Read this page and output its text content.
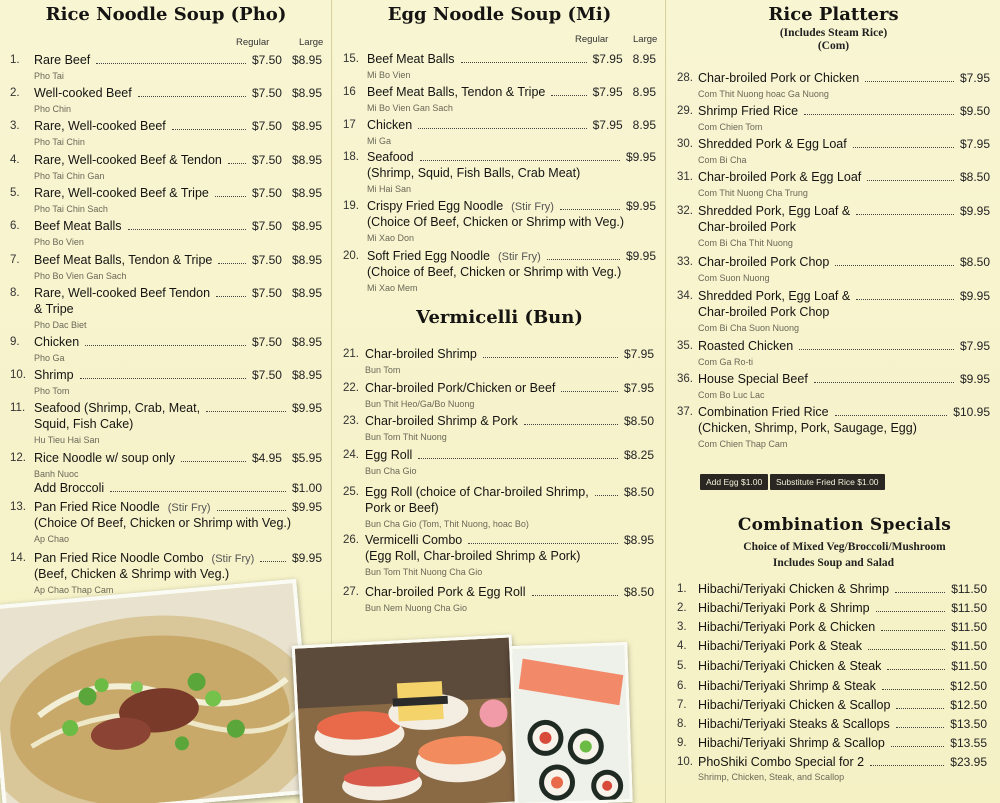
Rice Noodle Soup (Pho)
Regular	Large
Egg Noodle Soup (Mi)
Regular	Large
Vermicelli (Bun)
Rice Platters
(Includes Steam Rice)
(Com)
Add Egg $1.00	Substitute Fried Rice $1.00
Combination Specials
Choice of Mixed Veg/Broccoli/Mushroom
Includes Soup and Salad
1.	Rare Beef	$7.50 $8.95
Pho Tai
2.	Well-cooked Beef	$7.50 $8.95
Pho Chin
3.	Rare, Well-cooked Beef	$7.50 $8.95
Pho Tai Chin
4.	Rare, Well-cooked Beef & Tendon	$7.50 $8.95
Pho Tai Chin Gan
5.	Rare, Well-cooked Beef & Tripe	$7.50 $8.95
Pho Tai Chin Sach
6.	Beef Meat Balls	$7.50 $8.95
Pho Bo Vien
7.	Beef Meat Balls, Tendon & Tripe	$7.50 $8.95
Pho Bo Vien Gan Sach
8.	Rare, Well-cooked Beef Tendon	$7.50 $8.95
& Tripe
Pho Dac Biet
9.	Chicken	$7.50 $8.95
Pho Ga
10. Shrimp	$7.50 $8.95
Pho Tom
11. Seafood (Shrimp, Crab, Meat,	$9.95
Squid, Fish Cake)
Hu Tieu Hai San
12. Rice Noodle w/ soup only	$4.95 $5.95
Banh Nuoc
Add Broccoli	$1.00
13. Pan Fried Rice Noodle (Stir Fry)	$9.95
(Choice Of Beef, Chicken or Shrimp with Veg.)
Ap Chao
14. Pan Fried Rice Noodle Combo (Stir Fry)	$9.95
(Beef, Chicken & Shrimp with Veg.)
Ap Chao Thap Cam
15. Beef Meat Balls	$7.95 8.95
Mi Bo Vien
16 Beef Meat Balls, Tendon & Tripe	$7.95 8.95
Mi Bo Vien Gan Sach
17 Chicken	$7.95 8.95
Mi Ga
18. Seafood	$9.95
(Shrimp, Squid, Fish Balls, Crab Meat)
Mi Hai San
19. Crispy Fried Egg Noodle (Stir Fry)	$9.95
(Choice Of Beef, Chicken or Shrimp with Veg.)
Mi Xao Don
20. Soft Fried Egg Noodle (Stir Fry)	$9.95
(Choice of Beef, Chicken or Shrimp with Veg.)
Mi Xao Mem
21. Char-broiled Shrimp	$7.95
Bun Tom
22. Char-broiled Pork/Chicken or Beef	$7.95
Bun Thit Heo/Ga/Bo Nuong
23. Char-broiled Shrimp & Pork	$8.50
Bun Tom Thit Nuong
24. Egg Roll	$8.25
Bun Cha Gio
25. Egg Roll (choice of Char-broiled Shrimp,	$8.50
Pork or Beef)
Bun Cha Gio (Tom, Thit Nuong, hoac Bo)
26. Vermicelli Combo	$8.95
(Egg Roll, Char-broiled Shrimp & Pork)
Bun Tom Thit Nuong Cha Gio
27. Char-broiled Pork & Egg Roll	$8.50
Bun Nem Nuong Cha Gio
28. Char-broiled Pork or Chicken	$7.95
Com Thit Nuong hoac Ga Nuong
29. Shrimp Fried Rice	$9.50
Com Chien Tom
30. Shredded Pork & Egg Loaf	$7.95
Com Bi Cha
31. Char-broiled Pork & Egg Loaf	$8.50
Com Thit Nuong Cha Trung
32. Shredded Pork, Egg Loaf &	$9.95
Char-broiled Pork
Com Bi Cha Thit Nuong
33. Char-broiled Pork Chop	$8.50
Com Suon Nuong
34. Shredded Pork, Egg Loaf &	$9.95
Char-broiled Pork Chop
Com Bi Cha Suon Nuong
35. Roasted Chicken	$7.95
Com Ga Ro-ti
36. House Special Beef	$9.95
Com Bo Luc Lac
37. Combination Fried Rice	$10.95
(Chicken, Shrimp, Pork, Saugage, Egg)
Com Chien Thap Cam
1. Hibachi/Teriyaki Chicken & Shrimp	$11.50
2. Hibachi/Teriyaki Pork & Shrimp	$11.50
3. Hibachi/Teriyaki Pork & Chicken	$11.50
4. Hibachi/Teriyaki Pork & Steak	$11.50
5. Hibachi/Teriyaki Chicken & Steak	$11.50
6. Hibachi/Teriyaki Shrimp & Steak	$12.50
7. Hibachi/Teriyaki Chicken & Scallop	$12.50
8. Hibachi/Teriyaki Steaks & Scallops	$13.50
9. Hibachi/Teriyaki Shrimp & Scallop	$13.55
10. PhoShiki Combo Special for 2	$23.95
Shrimp, Chicken, Steak, and Scallop
